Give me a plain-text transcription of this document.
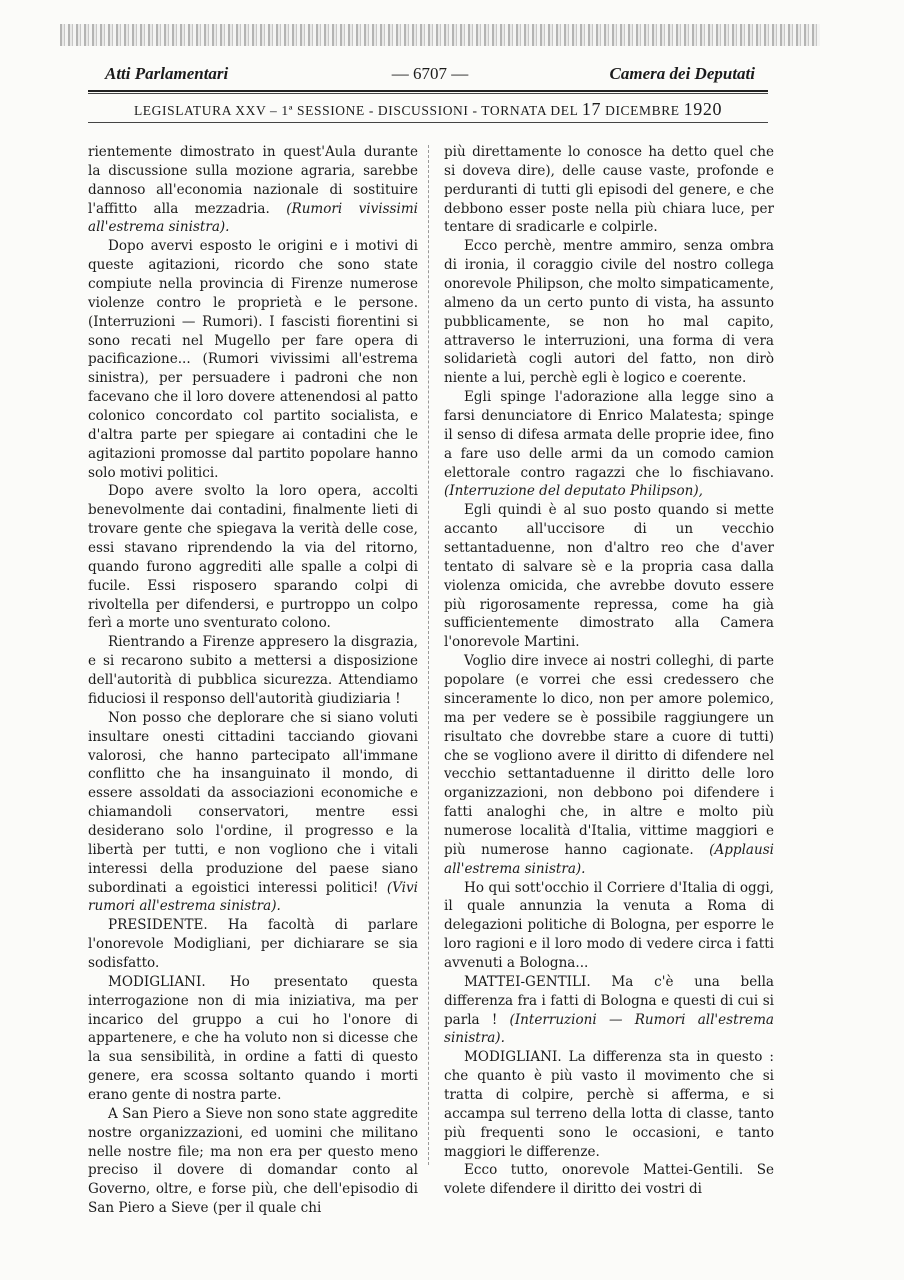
Atti Parlamentari	— 6707 —	Camera dei Deputati
LEGISLATURA XXV – 1ª SESSIONE - DISCUSSIONI - TORNATA DEL 17 DICEMBRE 1920

rientemente dimostrato in quest'Aula durante la discussione sulla mozione agraria, sarebbe dannoso all'economia nazionale di sostituire l'affitto alla mezzadria. (Rumori vivissimi all'estrema sinistra).

Dopo avervi esposto le origini e i motivi di queste agitazioni, ricordo che sono state compiute nella provincia di Firenze numerose violenze contro le proprietà e le persone. (Interruzioni — Rumori). I fascisti fiorentini si sono recati nel Mugello per fare opera di pacificazione... (Rumori vivissimi all'estrema sinistra), per persuadere i padroni che non facevano che il loro dovere attenendosi al patto colonico concordato col partito socialista, e d'altra parte per spiegare ai contadini che le agitazioni promosse dal partito popolare hanno solo motivi politici.

Dopo avere svolto la loro opera, accolti benevolmente dai contadini, finalmente lieti di trovare gente che spiegava la verità delle cose, essi stavano riprendendo la via del ritorno, quando furono aggrediti alle spalle a colpi di fucile. Essi risposero sparando colpi di rivoltella per difendersi, e purtroppo un colpo ferì a morte uno sventurato colono.

Rientrando a Firenze appresero la disgrazia, e si recarono subito a mettersi a disposizione dell'autorità di pubblica sicurezza. Attendiamo fiduciosi il responso dell'autorità giudiziaria !

Non posso che deplorare che si siano voluti insultare onesti cittadini tacciando giovani valorosi, che hanno partecipato all'immane conflitto che ha insanguinato il mondo, di essere assoldati da associazioni economiche e chiamandoli conservatori, mentre essi desiderano solo l'ordine, il progresso e la libertà per tutti, e non vogliono che i vitali interessi della produzione del paese siano subordinati a egoistici interessi politici! (Vivi rumori all'estrema sinistra).

PRESIDENTE. Ha facoltà di parlare l'onorevole Modigliani, per dichiarare se sia sodisfatto.

MODIGLIANI. Ho presentato questa interrogazione non di mia iniziativa, ma per incarico del gruppo a cui ho l'onore di appartenere, e che ha voluto non si dicesse che la sua sensibilità, in ordine a fatti di questo genere, era scossa soltanto quando i morti erano gente di nostra parte.

A San Piero a Sieve non sono state aggredite nostre organizzazioni, ed uomini che militano nelle nostre file; ma non era per questo meno preciso il dovere di domandar conto al Governo, oltre, e forse più, che dell'episodio di San Piero a Sieve (per il quale chi

più direttamente lo conosce ha detto quel che si doveva dire), delle cause vaste, profonde e perduranti di tutti gli episodi del genere, e che debbono esser poste nella più chiara luce, per tentare di sradicarle e colpirle.

Ecco perchè, mentre ammiro, senza ombra di ironia, il coraggio civile del nostro collega onorevole Philipson, che molto simpaticamente, almeno da un certo punto di vista, ha assunto pubblicamente, se non ho mal capito, attraverso le interruzioni, una forma di vera solidarietà cogli autori del fatto, non dirò niente a lui, perchè egli è logico e coerente.

Egli spinge l'adorazione alla legge sino a farsi denunciatore di Enrico Malatesta; spinge il senso di difesa armata delle proprie idee, fino a fare uso delle armi da un comodo camion elettorale contro ragazzi che lo fischiavano. (Interruzione del deputato Philipson),

Egli quindi è al suo posto quando si mette accanto all'uccisore di un vecchio settantaduenne, non d'altro reo che d'aver tentato di salvare sè e la propria casa dalla violenza omicida, che avrebbe dovuto essere più rigorosamente repressa, come ha già sufficientemente dimostrato alla Camera l'onorevole Martini.

Voglio dire invece ai nostri colleghi, di parte popolare (e vorrei che essi credessero che sinceramente lo dico, non per amore polemico, ma per vedere se è possibile raggiungere un risultato che dovrebbe stare a cuore di tutti) che se vogliono avere il diritto di difendere nel vecchio settantaduenne il diritto delle loro organizzazioni, non debbono poi difendere i fatti analoghi che, in altre e molto più numerose località d'Italia, vittime maggiori e più numerose hanno cagionate. (Applausi all'estrema sinistra).

Ho qui sott'occhio il Corriere d'Italia di oggi, il quale annunzia la venuta a Roma di delegazioni politiche di Bologna, per esporre le loro ragioni e il loro modo di vedere circa i fatti avvenuti a Bologna...

MATTEI-GENTILI. Ma c'è una bella differenza fra i fatti di Bologna e questi di cui si parla ! (Interruzioni — Rumori all'estrema sinistra).

MODIGLIANI. La differenza sta in questo : che quanto è più vasto il movimento che si tratta di colpire, perchè si afferma, e si accampa sul terreno della lotta di classe, tanto più frequenti sono le occasioni, e tanto maggiori le differenze.

Ecco tutto, onorevole Mattei-Gentili. Se volete difendere il diritto dei vostri di
